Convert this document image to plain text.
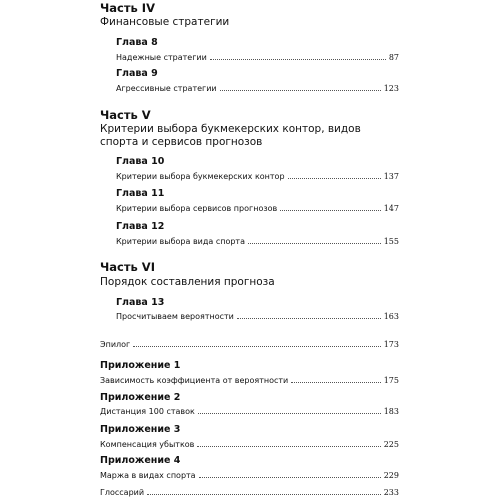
Часть IV
Финансовые стратегии
Глава 8
Надежные стратегии	87
Глава 9
Агрессивные стратегии	123
Часть V
Критерии выбора букмекерских контор, видов спорта и сервисов прогнозов
Глава 10
Критерии выбора букмекерских контор	137
Глава 11
Критерии выбора сервисов прогнозов	147
Глава 12
Критерии выбора вида спорта	155
Часть VI
Порядок составления прогноза
Глава 13
Просчитываем вероятности	163
Эпилог	173
Приложение 1
Зависимость коэффициента от вероятности	175
Приложение 2
Дистанция 100 ставок	183
Приложение 3
Компенсация убытков	225
Приложение 4
Маржа в видах спорта	229
Глоссарий	233
